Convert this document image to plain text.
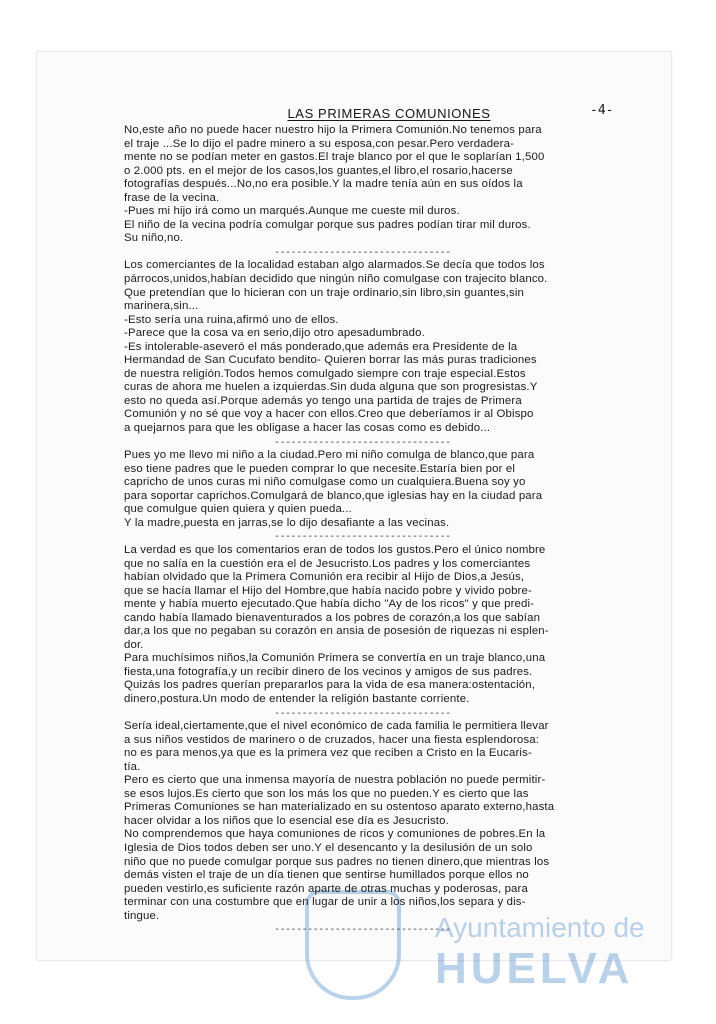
Ayuntamiento de
HUELVA
-4-
LAS PRIMERAS COMUNIONES
No,este año no puede hacer nuestro hijo la Primera Comunión.No tenemos para
el traje ...Se lo dijo el padre minero a su esposa,con pesar.Pero verdadera-
mente no se podían meter en gastos.El traje blanco por el que le soplarían 1,500
o 2.000 pts. en el mejor de los casos,los guantes,el libro,el rosario,hacerse
fotografías después...No,no era posible.Y la madre tenía aún en sus oídos la
frase de la vecina.
-Pues mi hijo irá como un marqués.Aunque me cueste mil duros.
El niño de la vecina podría comulgar porque sus padres podían tirar mil duros.
Su niño,no.
--------------------------------
Los comerciantes de la localidad estaban algo alarmados.Se decía que todos los
párrocos,unidos,habían decidido que ningún niño comulgase con trajecito blanco.
Que pretendían que lo hicieran con un traje ordinario,sin libro,sin guantes,sin
marinera,sin...
-Esto sería una ruina,afirmó uno de ellos.
-Parece que la cosa va en serio,dijo otro apesadumbrado.
-Es intolerable-aseveró el más ponderado,que además era Presidente de la
Hermandad de San Cucufato bendito- Quieren borrar las más puras tradiciones
de nuestra religión.Todos hemos comulgado siempre con traje especial.Estos
curas de ahora me huelen a izquierdas.Sin duda alguna que son progresistas.Y
esto no queda así.Porque además yo tengo una partida de trajes de Primera
Comunión y no sé que voy a hacer con ellos.Creo que deberíamos ir al Obispo
a quejarnos para que les obligase a hacer las cosas como es debido...
--------------------------------
Pues yo me llevo mi niño a la ciudad.Pero mi niño comulga de blanco,que para
eso tiene padres que le pueden comprar lo que necesite.Estaría bien por el
capricho de unos curas mi niño comulgase como un cualquiera.Buena soy yo
para soportar caprichos.Comulgará de blanco,que iglesias hay en la ciudad para
que comulgue quien quiera y quien pueda...
Y la madre,puesta en jarras,se lo dijo desafiante a las vecinas.
--------------------------------
La verdad es que los comentarios eran de todos los gustos.Pero el único nombre
que no salía en la cuestión era el de Jesucristo.Los padres y los comerciantes
habían olvidado que la Primera Comunión era recibir al Hijo de Dios,a Jesús,
que se hacía llamar el Hijo del Hombre,que había nacido pobre y vivido pobre-
mente y había muerto ejecutado.Que había dicho "Ay de los ricos" y que predi-
cando había llamado bienaventurados a los pobres de corazón,a los que sabían
dar,a los que no pegaban su corazón en ansia de posesión de riquezas ni esplen-
dor.
Para muchísimos niños,la Comunión Primera se convertía en un traje blanco,una
fiesta,una fotografía,y un recibir dinero de los vecinos y amigos de sus padres.
Quizás los padres querían prepararlos para la vida de esa manera:ostentación,
dinero,postura.Un modo de entender la religión bastante corriente.
--------------------------------
Sería ideal,ciertamente,que el nivel económico de cada familia le permitiera llevar
a sus niños vestidos de marinero o de cruzados, hacer una fiesta esplendorosa:
no es para menos,ya que es la primera vez que reciben a Cristo en la Eucaris-
tía.
Pero es cierto que una inmensa mayoría de nuestra población no puede permitir-
se esos lujos.Es cierto que son los más los que no pueden.Y es cierto que las
Primeras Comuniones se han materializado en su ostentoso aparato externo,hasta
hacer olvidar a los niños que lo esencial ese día es Jesucristo.
No comprendemos que haya comuniones de ricos y comuniones de pobres.En la
Iglesia de Dios todos deben ser uno.Y el desencanto y la desilusión de un solo
niño que no puede comulgar porque sus padres no tienen dinero,que mientras los
demás visten el traje de un día tienen que sentirse humillados porque ellos no
pueden vestirlo,es suficiente razón aparte de otras muchas y poderosas, para
terminar con una costumbre que en lugar de unir a los niños,los separa y dis-
tingue.
--------------------------------
